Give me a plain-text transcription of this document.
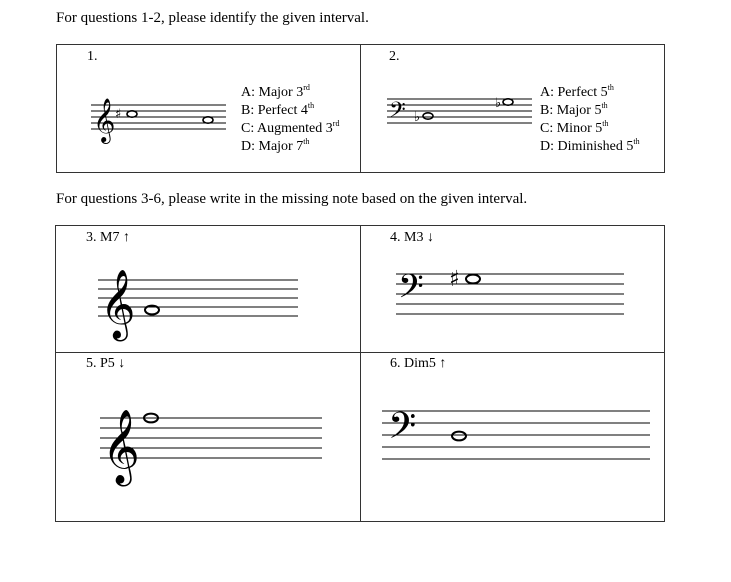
For questions 1-2, please identify the given interval.
1.
𝄞 ♯
A: Major 3rd
B: Perfect 4th
C: Augmented 3rd
D: Major 7th
2.
𝄢 ♭
♭
A: Perfect 5th
B: Major 5th
C: Minor 5th
D: Diminished 5th
For questions 3-6, please write in the missing note based on the given interval.
3. M7 ↑
𝄞
4. M3 ↓
𝄢 ♯
5. P5 ↓
𝄞
6. Dim5 ↑
𝄢
